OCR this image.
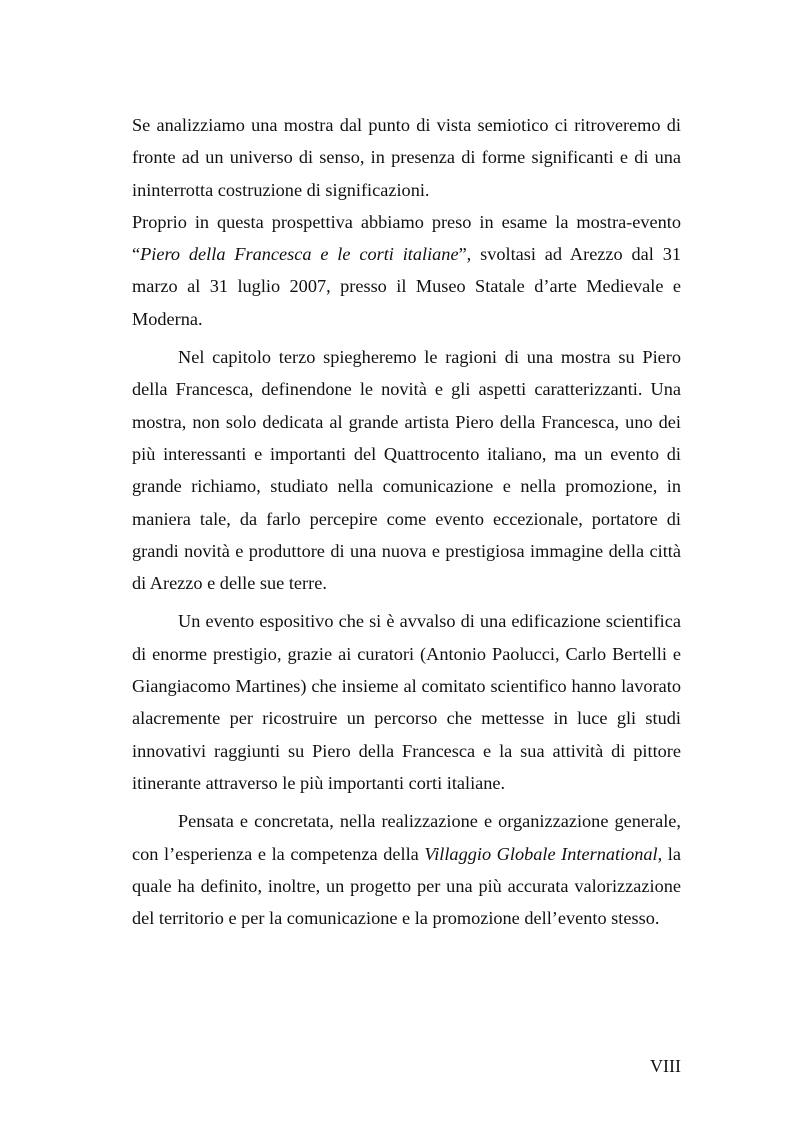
Se analizziamo una mostra dal punto di vista semiotico ci ritroveremo di fronte ad un universo di senso, in presenza di forme significanti e di una ininterrotta costruzione di significazioni.

Proprio in questa prospettiva abbiamo preso in esame la mostra-evento “Piero della Francesca e le corti italiane”, svoltasi ad Arezzo dal 31 marzo al 31 luglio 2007, presso il Museo Statale d’arte Medievale e Moderna.

Nel capitolo terzo spiegheremo le ragioni di una mostra su Piero della Francesca, definendone le novità e gli aspetti caratterizzanti. Una mostra, non solo dedicata al grande artista Piero della Francesca, uno dei più interessanti e importanti del Quattrocento italiano, ma un evento di grande richiamo, studiato nella comunicazione e nella promozione, in maniera tale, da farlo percepire come evento eccezionale, portatore di grandi novità e produttore di una nuova e prestigiosa immagine della città di Arezzo e delle sue terre.

Un evento espositivo che si è avvalso di una edificazione scientifica di enorme prestigio, grazie ai curatori (Antonio Paolucci, Carlo Bertelli e Giangiacomo Martines) che insieme al comitato scientifico hanno lavorato alacremente per ricostruire un percorso che mettesse in luce gli studi innovativi raggiunti su Piero della Francesca e la sua attività di pittore itinerante attraverso le più importanti corti italiane.

Pensata e concretata, nella realizzazione e organizzazione generale, con l’esperienza e la competenza della Villaggio Globale International, la quale ha definito, inoltre, un progetto per una più accurata valorizzazione del territorio e per la comunicazione e la promozione dell’evento stesso.

VIII
